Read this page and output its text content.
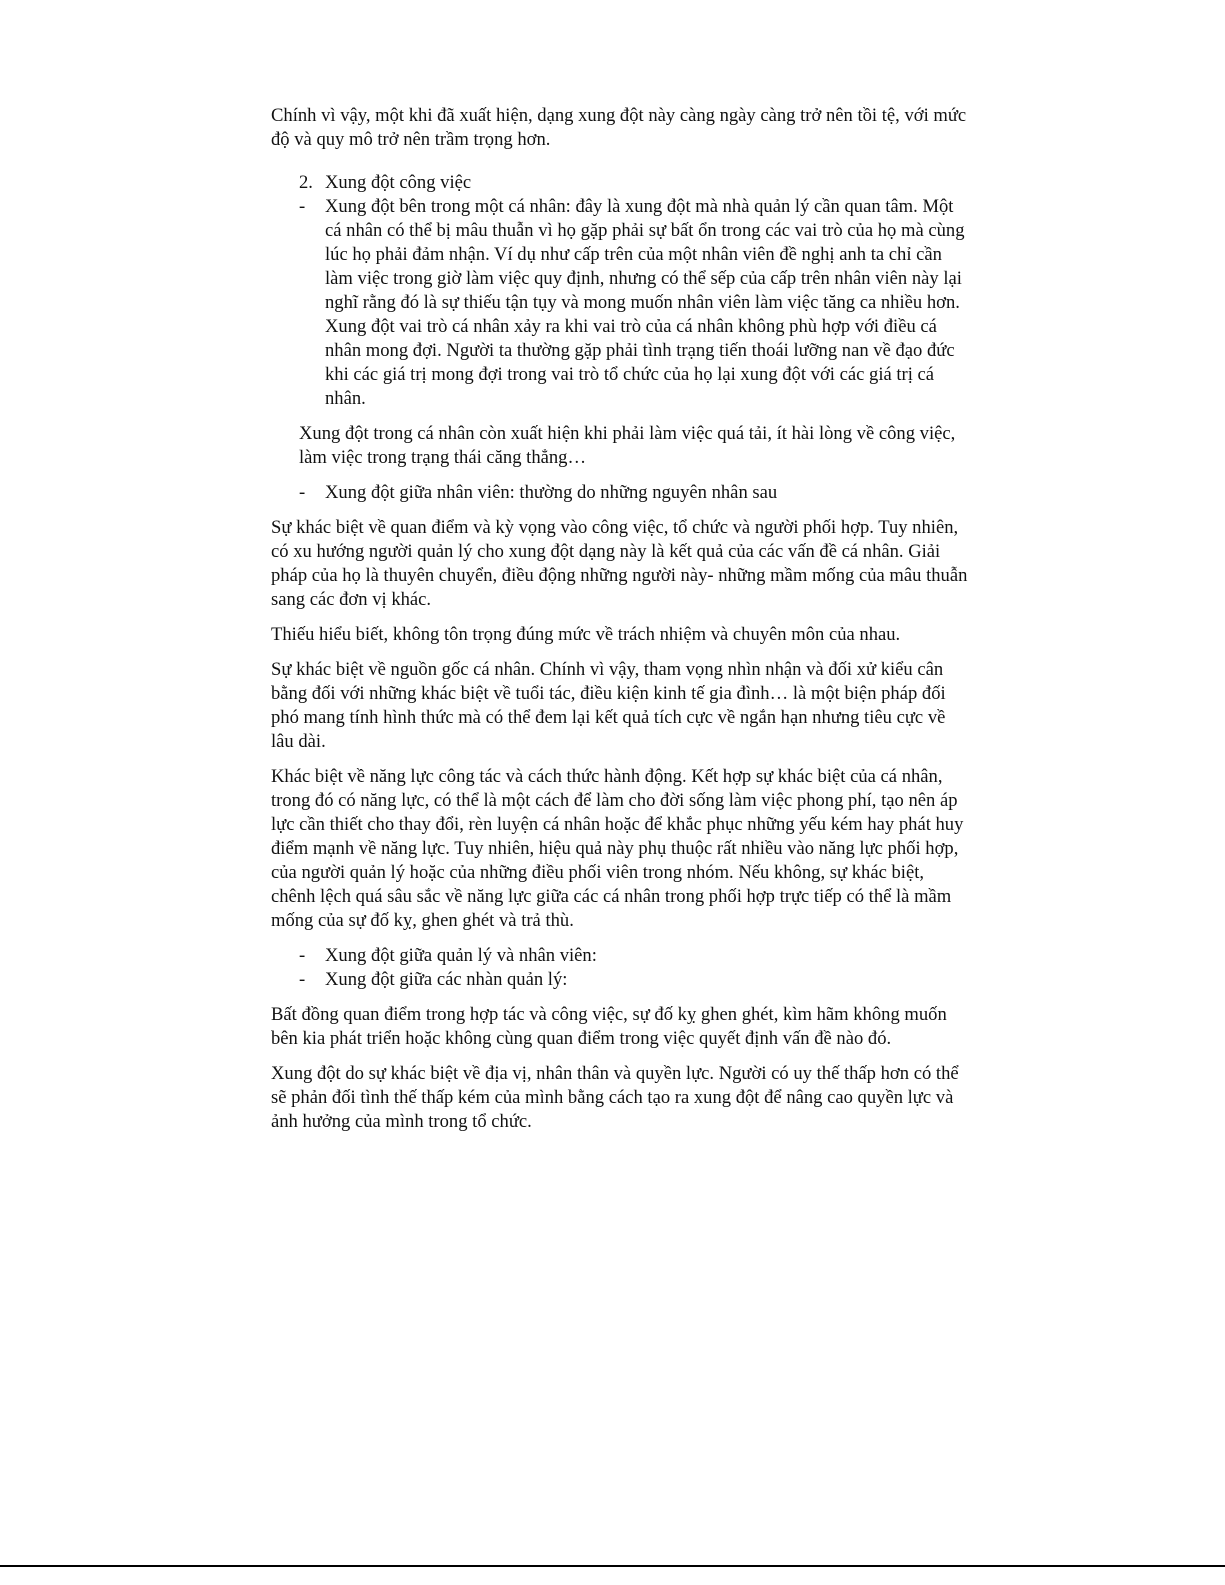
Chính vì vậy, một khi đã xuất hiện, dạng xung đột này càng ngày càng trở nên tồi tệ, với mức độ và quy mô trở nên trầm trọng hơn.

2. Xung đột công việc
-	Xung đột bên trong một cá nhân: đây là xung đột mà nhà quản lý cần quan tâm. Một cá nhân có thể bị mâu thuẫn vì họ gặp phải sự bất ổn trong các vai trò của họ mà cùng lúc họ phải đảm nhận. Ví dụ như cấp trên của một nhân viên đề nghị anh ta chỉ cần làm việc trong giờ làm việc quy định, nhưng có thể sếp của cấp trên nhân viên này lại nghĩ rằng đó là sự thiếu tận tụy và mong muốn nhân viên làm việc tăng ca nhiều hơn. Xung đột vai trò cá nhân xảy ra khi vai trò của cá nhân không phù hợp với điều cá nhân mong đợi. Người ta thường gặp phải tình trạng tiến thoái lưỡng nan về đạo đức khi các giá trị mong đợi trong vai trò tổ chức của họ lại xung đột với các giá trị cá nhân.

Xung đột trong cá nhân còn xuất hiện khi phải làm việc quá tải, ít hài lòng về công việc, làm việc trong trạng thái căng thẳng…

-	Xung đột giữa nhân viên: thường do những nguyên nhân sau

Sự khác biệt về quan điểm và kỳ vọng vào công việc, tổ chức và người phối hợp. Tuy nhiên, có xu hướng người quản lý cho xung đột dạng này là kết quả của các vấn đề cá nhân. Giải pháp của họ là thuyên chuyển, điều động những người này- những mầm mống của mâu thuẫn sang các đơn vị khác.

Thiếu hiểu biết, không tôn trọng đúng mức về trách nhiệm và chuyên môn của nhau.

Sự khác biệt về nguồn gốc cá nhân. Chính vì vậy, tham vọng nhìn nhận và đối xử kiểu cân bằng đối với những khác biệt về tuổi tác, điều kiện kinh tế gia đình… là một biện pháp đối phó mang tính hình thức mà có thể đem lại kết quả tích cực về ngắn hạn nhưng tiêu cực về lâu dài.

Khác biệt về năng lực công tác và cách thức hành động. Kết hợp sự khác biệt của cá nhân, trong đó có năng lực, có thể là một cách để làm cho đời sống làm việc phong phí, tạo nên áp lực cần thiết cho thay đổi, rèn luyện cá nhân hoặc để khắc phục những yếu kém hay phát huy điểm mạnh về năng lực. Tuy nhiên, hiệu quả này phụ thuộc rất nhiều vào năng lực phối hợp, của người quản lý hoặc của những điều phối viên trong nhóm. Nếu không, sự khác biệt, chênh lệch quá sâu sắc về năng lực giữa các cá nhân trong phối hợp trực tiếp có thể là mầm mống của sự đố kỵ, ghen ghét và trả thù.

-	Xung đột giữa quản lý và nhân viên:
-	Xung đột giữa các nhàn quản lý:

Bất đồng quan điểm trong hợp tác và công việc, sự đố kỵ ghen ghét, kìm hãm không muốn bên kia phát triển hoặc không cùng quan điểm trong việc quyết định vấn đề nào đó.

Xung đột do sự khác biệt về địa vị, nhân thân và quyền lực. Người có uy thế thấp hơn có thể sẽ phản đối tình thế thấp kém của mình bằng cách tạo ra xung đột để nâng cao quyền lực và ảnh hưởng của mình trong tổ chức.
